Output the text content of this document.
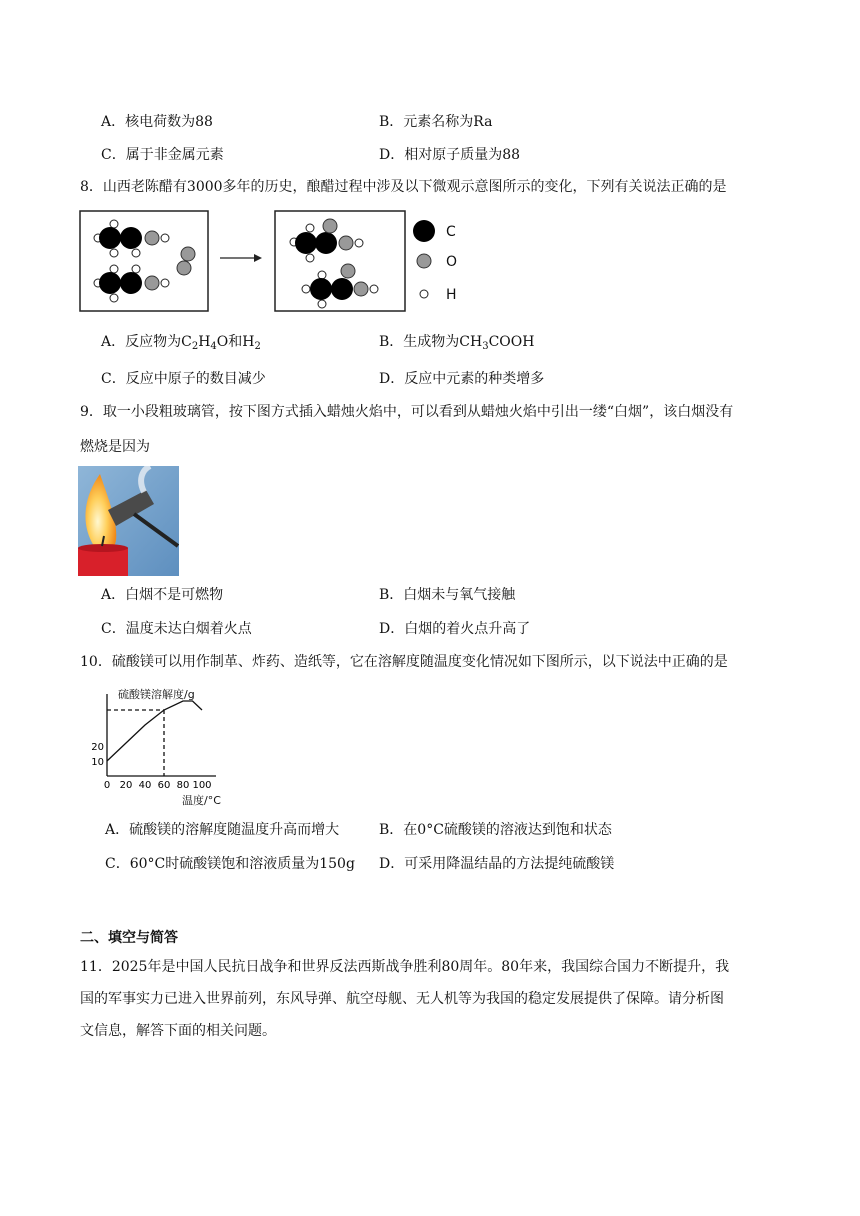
A．核电荷数为88	B．元素名称为Ra
C．属于非金属元素	D．相对原子质量为88
8．山西老陈醋有3000多年的历史，酿醋过程中涉及以下微观示意图所示的变化，下列有关说法正确的是
C
O
H
A．反应物为$C_2H_4O$和$H_2$	B．生成物为$CH_3COOH$
C．反应中原子的数目减少	D．反应中元素的种类增多
9．取一小段粗玻璃管，按下图方式插入蜡烛火焰中，可以看到从蜡烛火焰中引出一缕“白烟”，该白烟没有
燃烧是因为
A．白烟不是可燃物	B．白烟未与氧气接触
C．温度未达白烟着火点	D．白烟的着火点升高了
10．硫酸镁可以用作制革、炸药、造纸等，它在溶解度随温度变化情况如下图所示，以下说法中正确的是
硫酸镁溶解度/g
温度/°C
0 20 40 60 80 100
10
20
A．硫酸镁的溶解度随温度升高而增大	B．在0°C硫酸镁的溶液达到饱和状态
C．60°C时硫酸镁饱和溶液质量为150g D．可采用降温结晶的方法提纯硫酸镁
二、填空与简答
11．2025年是中国人民抗日战争和世界反法西斯战争胜利80周年。80年来，我国综合国力不断提升，我
国的军事实力已进入世界前列，东风导弹、航空母舰、无人机等为我国的稳定发展提供了保障。请分析图
文信息，解答下面的相关问题。
